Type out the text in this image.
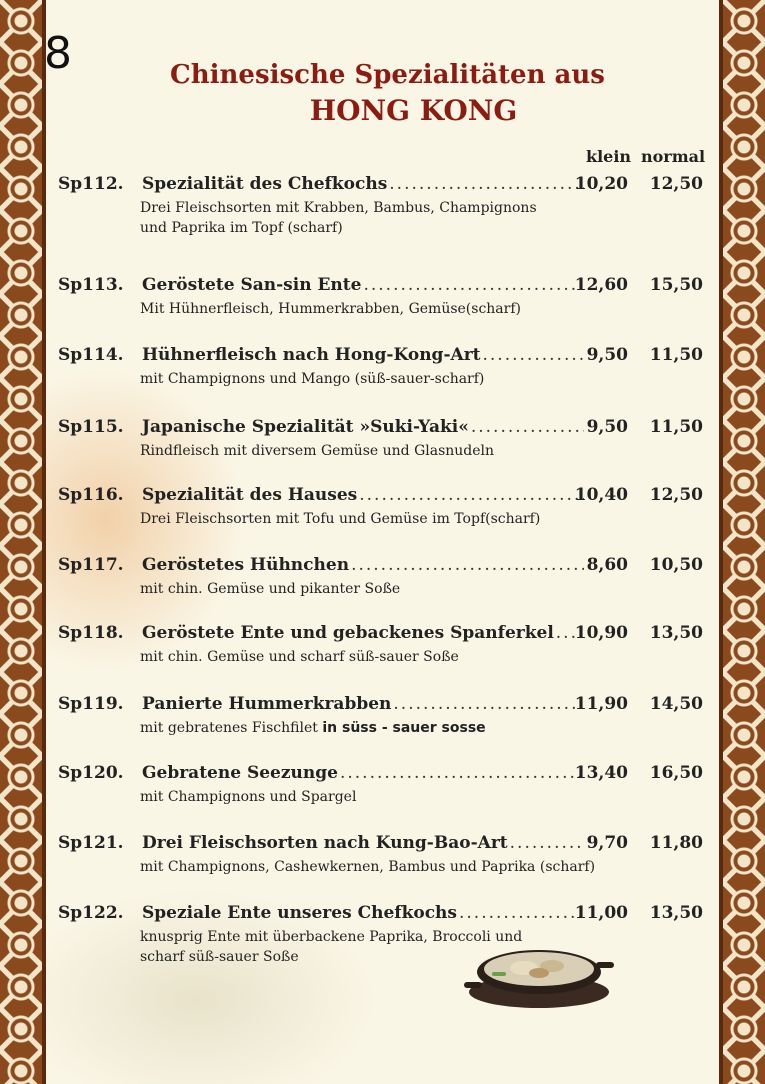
8	Chinesische Spezialitäten aus
HONG KONG
klein normal
Sp112. Spezialität des Chefkochs .....	10,20	12,50
Drei Fleischsorten mit Krabben, Bambus, Champignons
und Paprika im Topf (scharf)
Sp113. Geröstete San-sin Ente .....	12,60	15,50
Mit Hühnerfleisch, Hummerkrabben, Gemüse(scharf)
Sp114. Hühnerfleisch nach Hong-Kong-Art .....	9,50	11,50
mit Champignons und Mango (süß-sauer-scharf)
Sp115. Japanische Spezialität »Suki-Yaki« .....	9,50	11,50
Rindfleisch mit diversem Gemüse und Glasnudeln
Sp116. Spezialität des Hauses .....	10,40	12,50
Drei Fleischsorten mit Tofu und Gemüse im Topf(scharf)
Sp117. Geröstetes Hühnchen .....	8,60	10,50
mit chin. Gemüse und pikanter Soße
Sp118. Geröstete Ente und gebackenes Spanferkel .....	10,90	13,50
mit chin. Gemüse und scharf süß-sauer Soße
Sp119. Panierte Hummerkrabben .....	11,90	14,50
mit gebratenes Fischfilet in süss - sauer sosse
Sp120. Gebratene Seezunge .....	13,40	16,50
mit Champignons und Spargel
Sp121. Drei Fleischsorten nach Kung-Bao-Art .....	9,70	11,80
mit Champignons, Cashewkernen, Bambus und Paprika (scharf)
Sp122. Speziale Ente unseres Chefkochs .....	11,00	13,50
knusprig Ente mit überbackene Paprika, Broccoli und
scharf süß-sauer Soße
